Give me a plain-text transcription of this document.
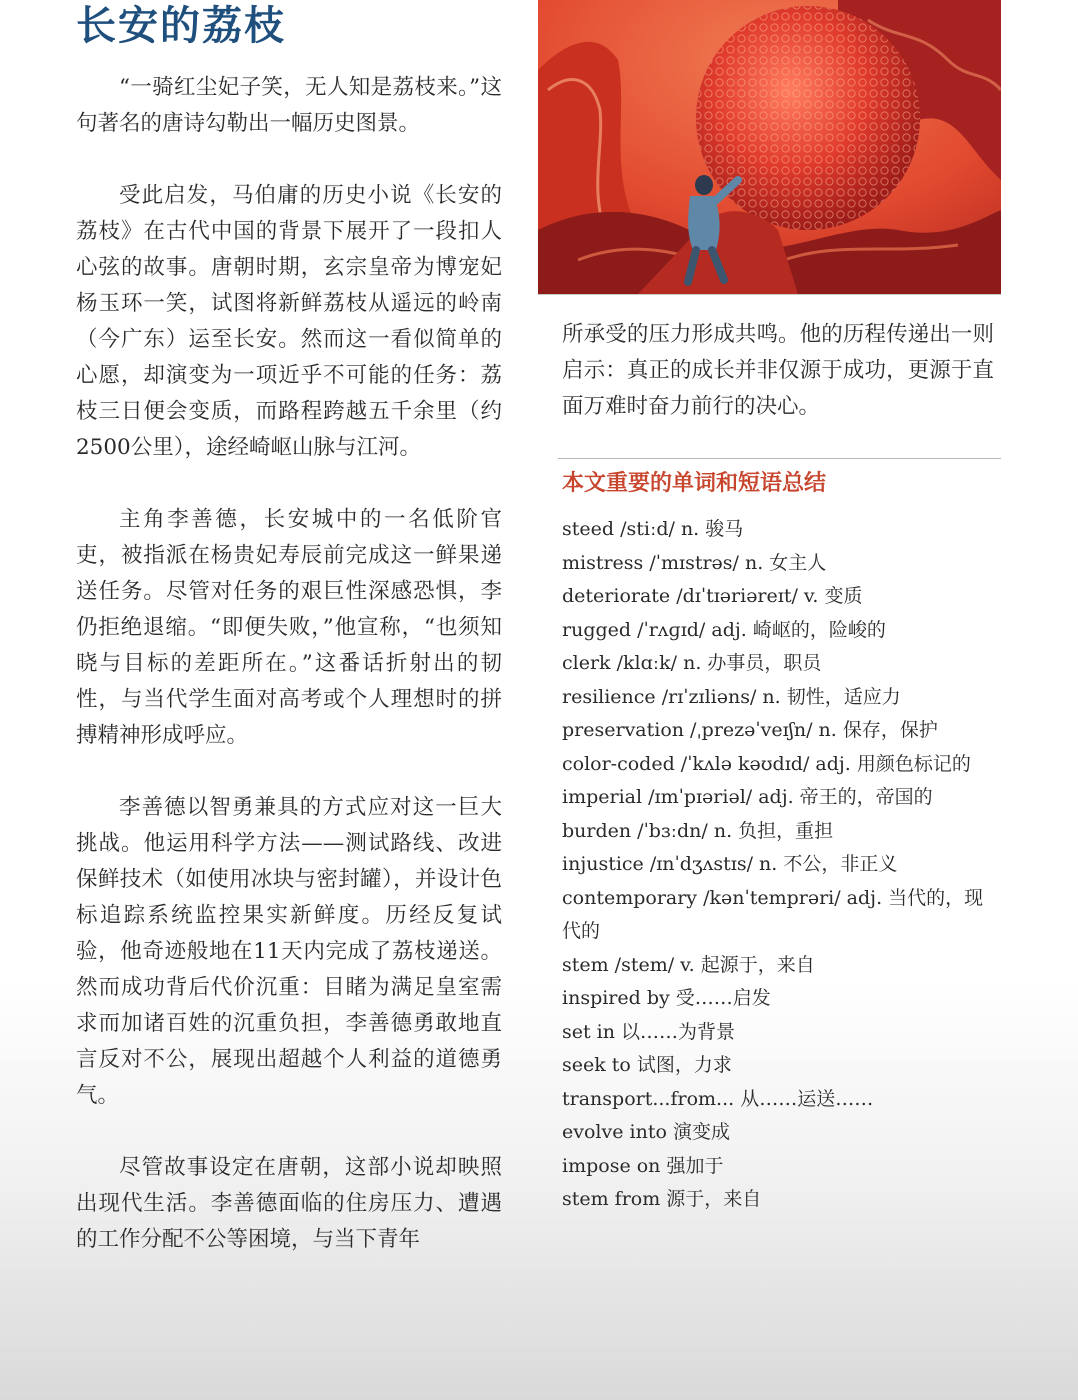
长安的荔枝

“一骑红尘妃子笑，无人知是荔枝来。”这句著名的唐诗勾勒出一幅历史图景。

受此启发，马伯庸的历史小说《长安的荔枝》在古代中国的背景下展开了一段扣人心弦的故事。唐朝时期，玄宗皇帝为博宠妃杨玉环一笑，试图将新鲜荔枝从遥远的岭南（今广东）运至长安。然而这一看似简单的心愿，却演变为一项近乎不可能的任务：荔枝三日便会变质，而路程跨越五千余里（约2500公里），途经崎岖山脉与江河。

主角李善德，长安城中的一名低阶官吏，被指派在杨贵妃寿辰前完成这一鲜果递送任务。尽管对任务的艰巨性深感恐惧，李仍拒绝退缩。“即便失败，”他宣称，“也须知晓与目标的差距所在。”这番话折射出的韧性，与当代学生面对高考或个人理想时的拼搏精神形成呼应。

李善德以智勇兼具的方式应对这一巨大挑战。他运用科学方法——测试路线、改进保鲜技术（如使用冰块与密封罐），并设计色标追踪系统监控果实新鲜度。历经反复试验，他奇迹般地在11天内完成了荔枝递送。然而成功背后代价沉重：目睹为满足皇室需求而加诸百姓的沉重负担，李善德勇敢地直言反对不公，展现出超越个人利益的道德勇气。

尽管故事设定在唐朝，这部小说却映照出现代生活。李善德面临的住房压力、遭遇的工作分配不公等困境，与当下青年

所承受的压力形成共鸣。他的历程传递出一则启示：真正的成长并非仅源于成功，更源于直面万难时奋力前行的决心。

本文重要的单词和短语总结
steed /stiːd/ n. 骏马
mistress /ˈmɪstrəs/ n. 女主人
deteriorate /dɪˈtɪəriəreɪt/ v. 变质
rugged /ˈrʌɡɪd/ adj. 崎岖的，险峻的
clerk /klɑːk/ n. 办事员，职员
resilience /rɪˈzɪliəns/ n. 韧性，适应力
preservation /ˌprezəˈveɪʃn/ n. 保存，保护
color-coded /ˈkʌlə kəʊdɪd/ adj. 用颜色标记的
imperial /ɪmˈpɪəriəl/ adj. 帝王的，帝国的
burden /ˈbɜːdn/ n. 负担，重担
injustice /ɪnˈdʒʌstɪs/ n. 不公，非正义
contemporary /kənˈtemprəri/ adj. 当代的，现代的
stem /stem/ v. 起源于，来自
inspired by 受……启发
set in 以……为背景
seek to 试图，力求
transport...from... 从……运送……
evolve into 演变成
impose on 强加于
stem from 源于，来自
